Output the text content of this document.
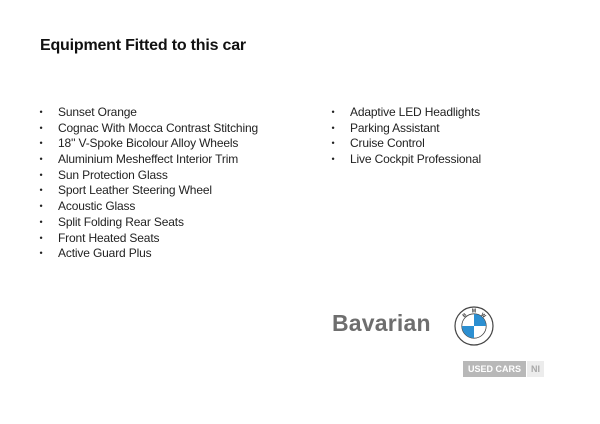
Equipment Fitted to this car
• Sunset Orange
• Cognac With Mocca Contrast Stitching
• 18'' V-Spoke Bicolour Alloy Wheels
• Aluminium Mesheffect Interior Trim
• Sun Protection Glass
• Sport Leather Steering Wheel
• Acoustic Glass
• Split Folding Rear Seats
• Front Heated Seats
• Active Guard Plus
• Adaptive LED Headlights
• Parking Assistant
• Cruise Control
• Live Cockpit Professional
Bavarian	B
M
W
USED CARS	NI
